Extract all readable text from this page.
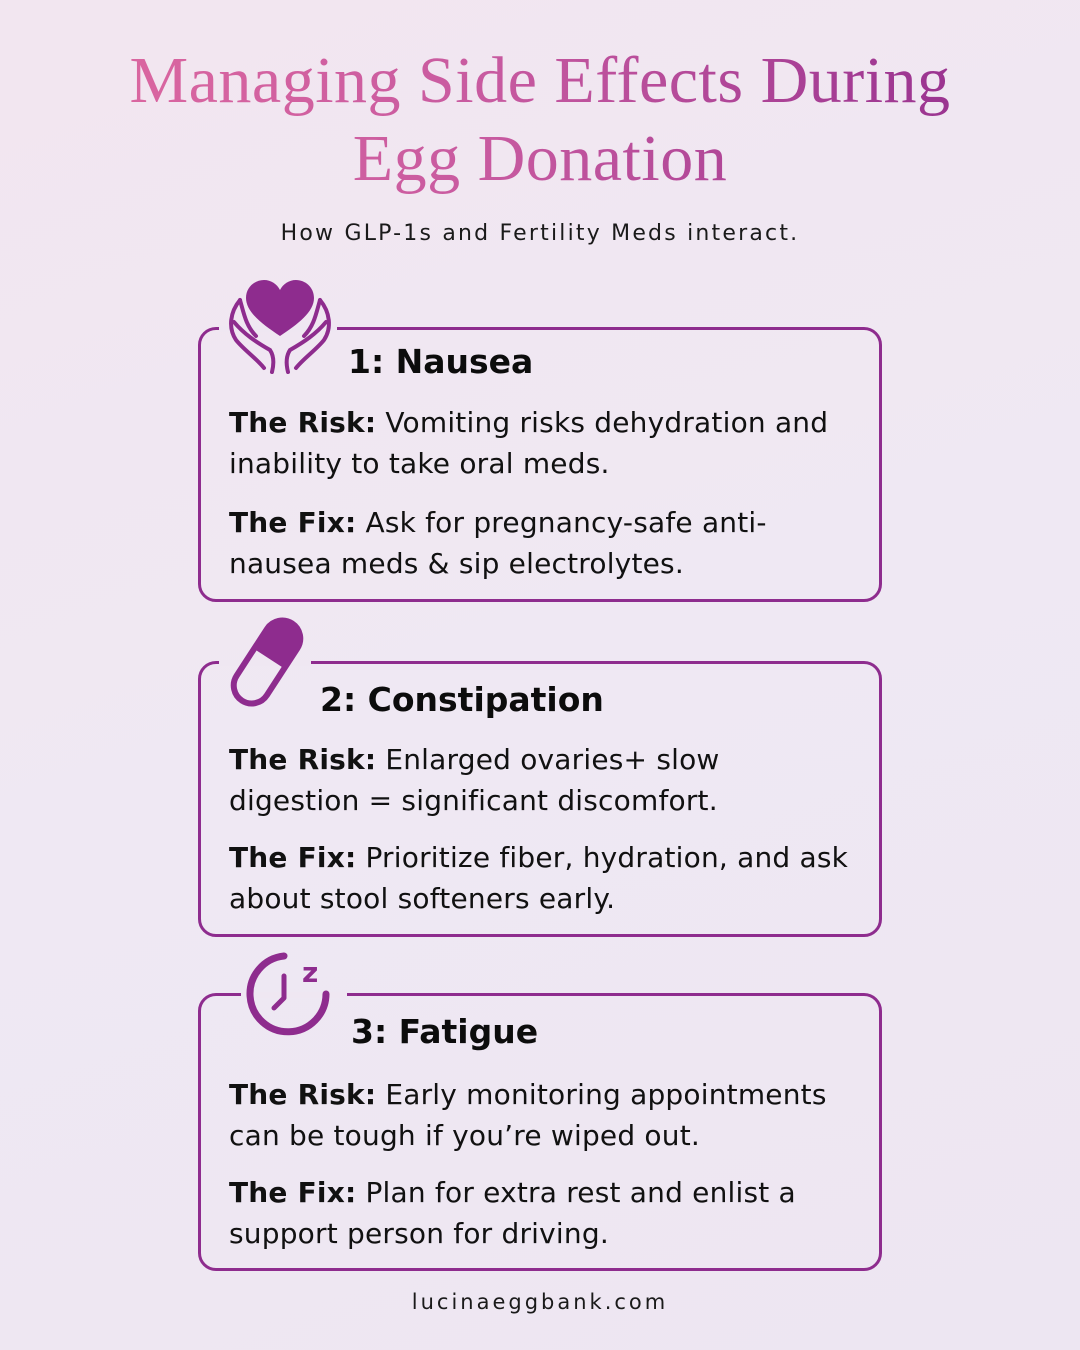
Managing Side Effects During
Egg Donation
How GLP-1s and Fertility Meds interact.
1: Nausea
The Risk: Vomiting risks dehydration and inability to take oral meds.
The Fix: Ask for pregnancy-safe anti-nausea meds & sip electrolytes.
2: Constipation
The Risk: Enlarged ovaries+ slow digestion = significant discomfort.
The Fix: Prioritize fiber, hydration, and ask about stool softeners early.
3: Fatigue
The Risk: Early monitoring appointments can be tough if you’re wiped out.
The Fix: Plan for extra rest and enlist a support person for driving.
z
lucinaeggbank.com
